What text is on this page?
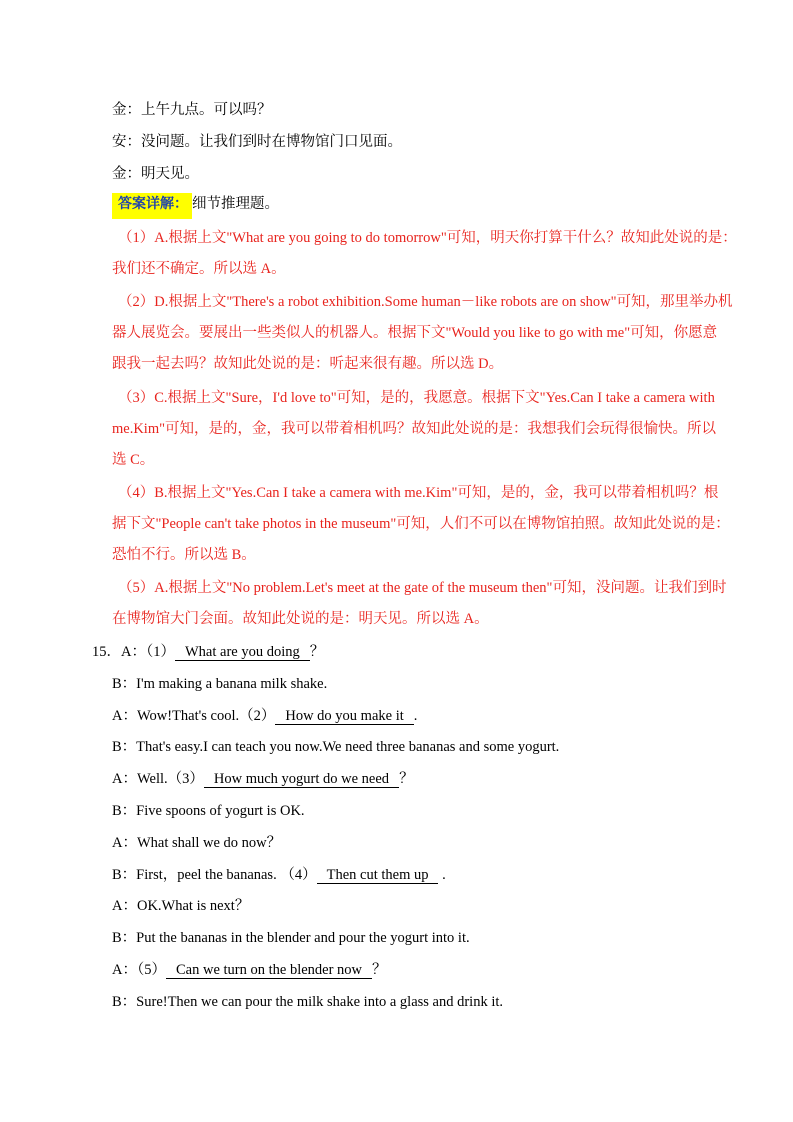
金：上午九点。可以吗？
安：没问题。让我们到时在博物馆门口见面。
金：明天见。
答案详解： 细节推理题。
（1）A.根据上文"What are you going to do tomorrow"可知，明天你打算干什么？故知此处说的是：
我们还不确定。所以选 A。
（2）D.根据上文"There's a robot exhibition.Some human－like robots are on show"可知，那里举办机
器人展览会。要展出一些类似人的机器人。根据下文"Would you like to go with me"可知，你愿意
跟我一起去吗？故知此处说的是：听起来很有趣。所以选 D。
（3）C.根据上文"Sure，I'd love to"可知，是的，我愿意。根据下文"Yes.Can I take a camera with
me.Kim"可知，是的，金，我可以带着相机吗？故知此处说的是：我想我们会玩得很愉快。所以
选 C。
（4）B.根据上文"Yes.Can I take a camera with me.Kim"可知，是的，金，我可以带着相机吗？根
据下文"People can't take photos in the museum"可知，人们不可以在博物馆拍照。故知此处说的是：
恐怕不行。所以选 B。
（5）A.根据上文"No problem.Let's meet at the gate of the museum then"可知，没问题。让我们到时
在博物馆大门会面。故知此处说的是：明天见。所以选 A。
15．A：（1） What are you doing ？
B：I'm making a banana milk shake.
A：Wow!That's cool.（2） How do you make it .
B：That's easy.I can teach you now.We need three bananas and some yogurt.
A：Well.（3） How much yogurt do we need ？
B：Five spoons of yogurt is OK.
A：What shall we do now？
B：First，peel the bananas. （4） Then cut them up .
A：OK.What is next？
B：Put the bananas in the blender and pour the yogurt into it.
A：（5） Can we turn on the blender now ？
B：Sure!Then we can pour the milk shake into a glass and drink it.
